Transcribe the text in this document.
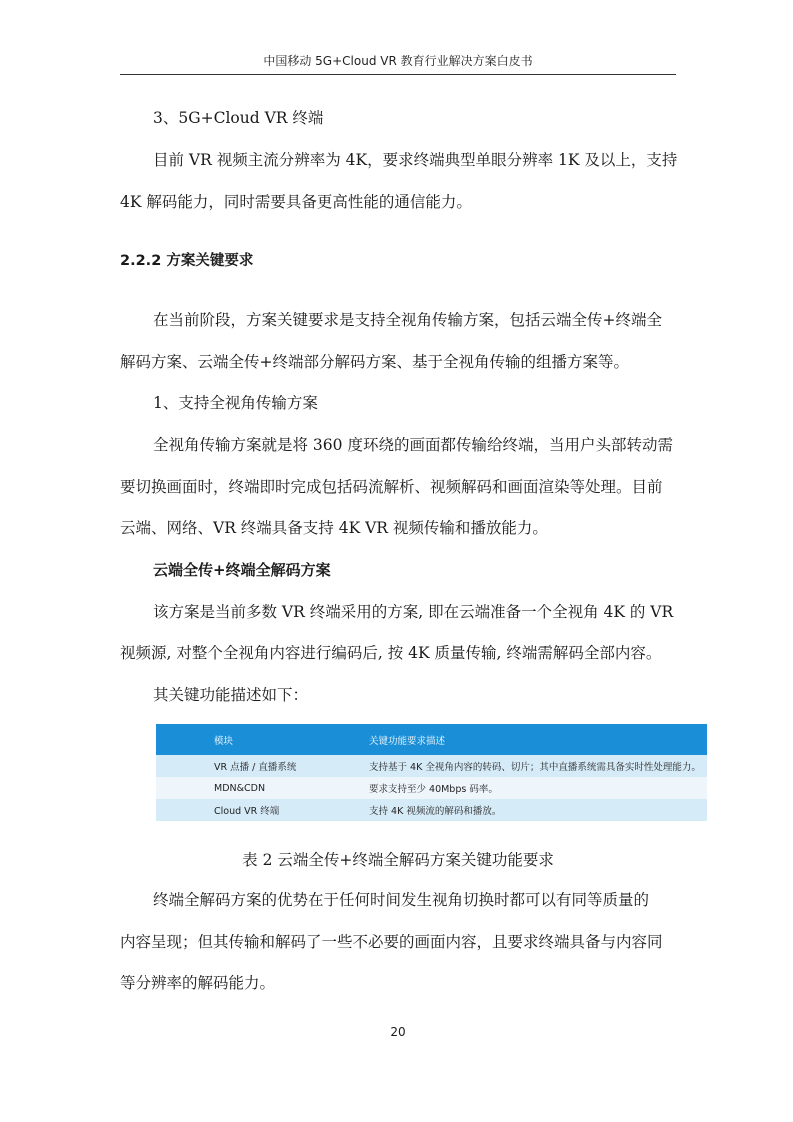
中国移动 5G+Cloud VR 教育行业解决方案白皮书
3、5G+Cloud VR 终端
目前 VR 视频主流分辨率为 4K，要求终端典型单眼分辨率 1K 及以上，支持
4K 解码能力，同时需要具备更高性能的通信能力。
2.2.2 方案关键要求
在当前阶段，方案关键要求是支持全视角传输方案，包括云端全传+终端全
解码方案、云端全传+终端部分解码方案、基于全视角传输的组播方案等。
1、支持全视角传输方案
全视角传输方案就是将 360 度环绕的画面都传输给终端，当用户头部转动需
要切换画面时，终端即时完成包括码流解析、视频解码和画面渲染等处理。目前
云端、网络、VR 终端具备支持 4K VR 视频传输和播放能力。
云端全传+终端全解码方案
该方案是当前多数 VR 终端采用的方案, 即在云端准备一个全视角 4K 的 VR
视频源, 对整个全视角内容进行编码后, 按 4K 质量传输, 终端需解码全部内容。
其关键功能描述如下：
模块	关键功能要求描述
VR 点播 / 直播系统	支持基于 4K 全视角内容的转码、切片；其中直播系统需具备实时性处理能力。
MDN&CDN	要求支持至少 40Mbps 码率。
Cloud VR 终端	支持 4K 视频流的解码和播放。
表 2 云端全传+终端全解码方案关键功能要求
终端全解码方案的优势在于任何时间发生视角切换时都可以有同等质量的
内容呈现；但其传输和解码了一些不必要的画面内容，且要求终端具备与内容同
等分辨率的解码能力。
20
